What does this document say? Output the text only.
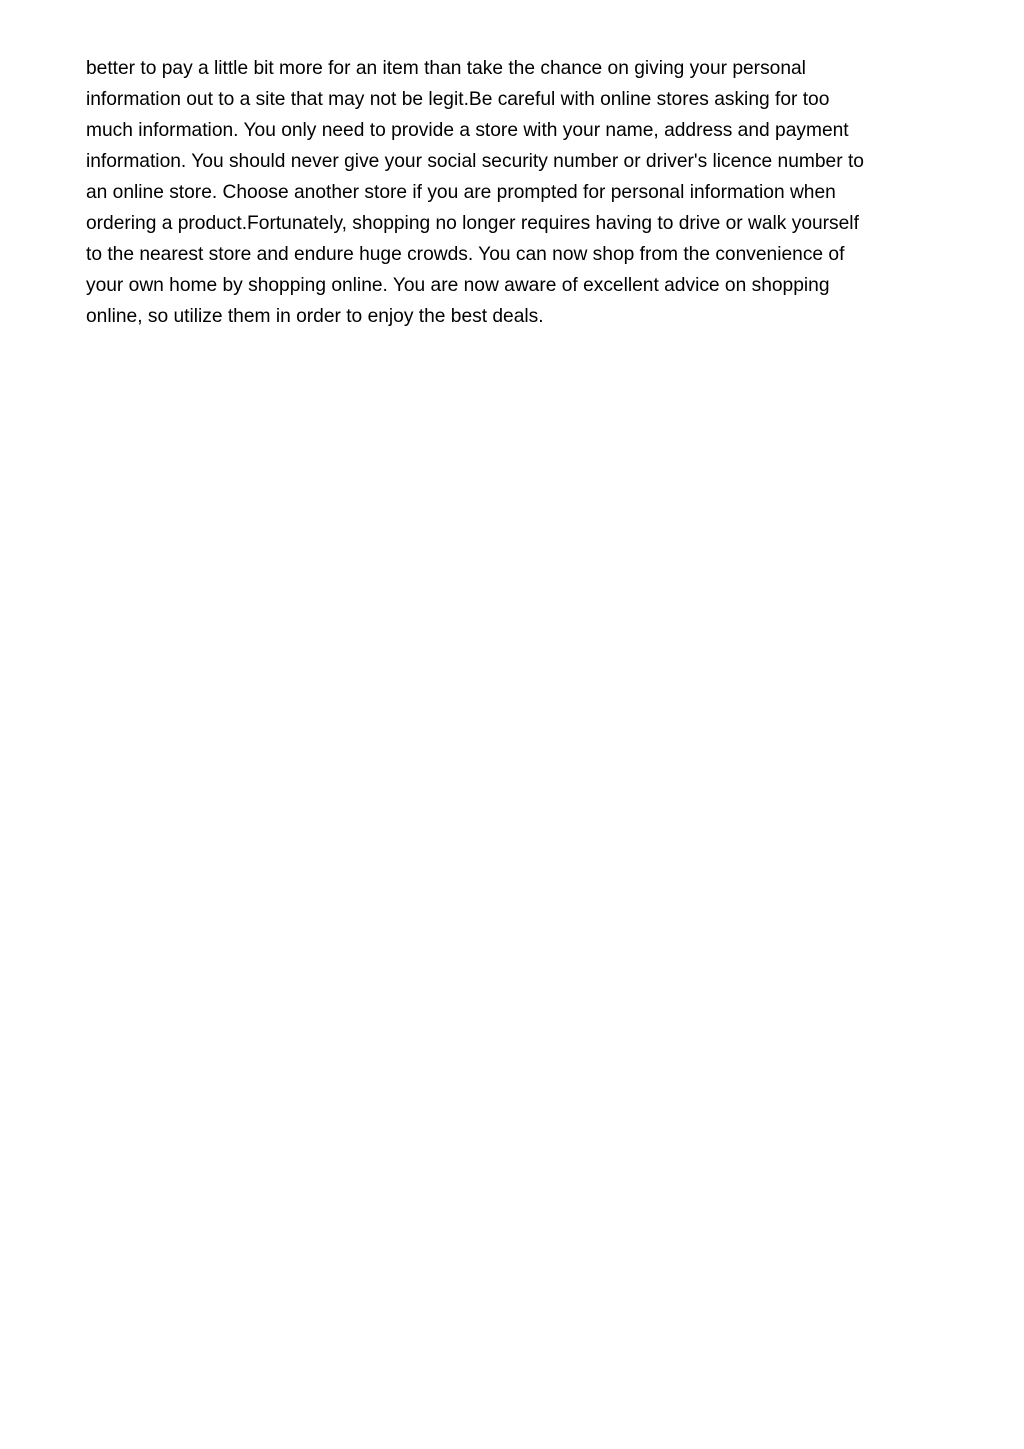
better to pay a little bit more for an item than take the chance on giving your personal
information out to a site that may not be legit.Be careful with online stores asking for too
much information. You only need to provide a store with your name, address and payment
information. You should never give your social security number or driver's licence number to
an online store. Choose another store if you are prompted for personal information when
ordering a product.Fortunately, shopping no longer requires having to drive or walk yourself
to the nearest store and endure huge crowds. You can now shop from the convenience of
your own home by shopping online. You are now aware of excellent advice on shopping
online, so utilize them in order to enjoy the best deals.
